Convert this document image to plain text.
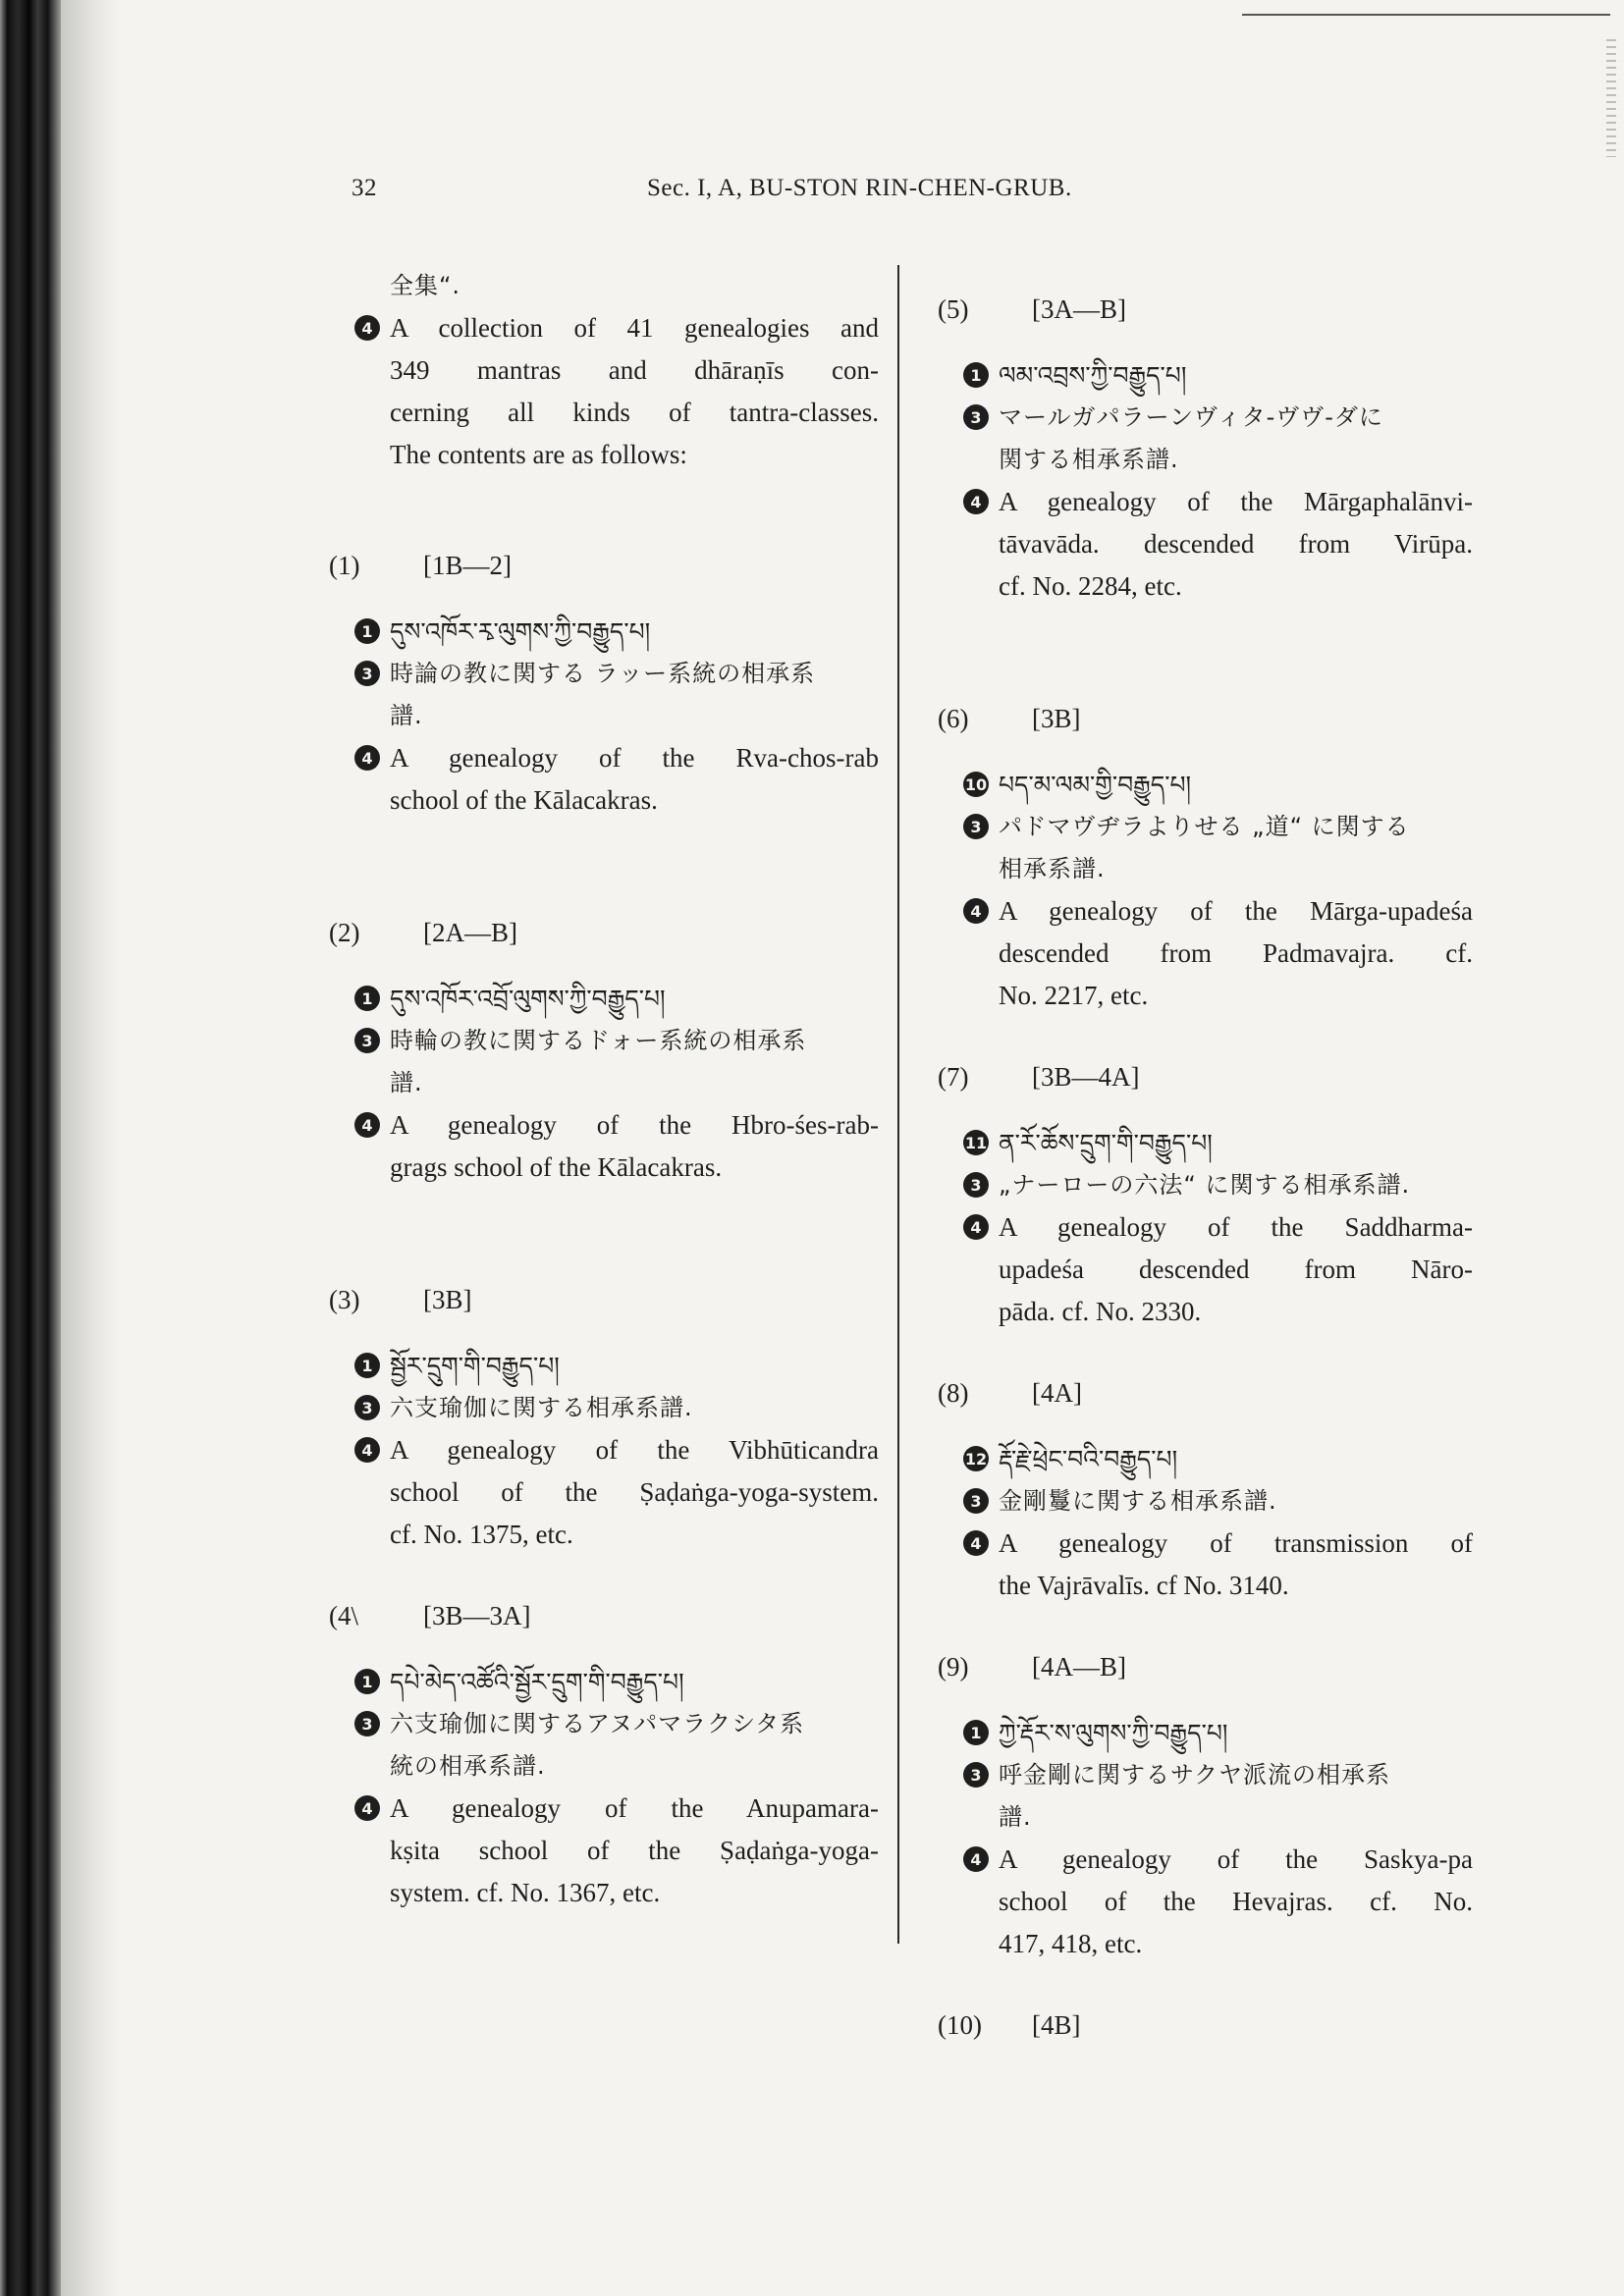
32	Sec. I, A, BU-STON RIN-CHEN-GRUB.
全集“.
4 A collection of 41 genealogies and
349 mantras and dhāraṇīs con-
cerning all kinds of tantra-classes.
The contents are as follows:
(1)	[1B—2]
1 དུས་འཁོར་རྭ་ལུགས་ཀྱི་བརྒྱུད་པ།
3 時論の教に関する ラッー系統の相承系
譜.
4 A genealogy of the Rva-chos-rab
school of the Kālacakras.
(2)	[2A—B]
1 དུས་འཁོར་འབྲོ་ལུགས་ཀྱི་བརྒྱུད་པ།
3 時輪の教に関するドォー系統の相承系
譜.
4 A genealogy of the Hbro-śes-rab-
grags school of the Kālacakras.
(3)	[3B]
1 སྦྱོར་དྲུག་གི་བརྒྱུད་པ།
3 六支瑜伽に関する相承系譜.
4 A genealogy of the Vibhūticandra
school of the Ṣaḍaṅga-yoga-system.
cf. No. 1375, etc.
(4\	[3B—3A]
1 དཔེ་མེད་འཚོའི་སྦྱོར་དྲུག་གི་བརྒྱུད་པ།
3 六支瑜伽に関するアヌパマラクシタ系
統の相承系譜.
4 A genealogy of the Anupamara-
kṣita school of the Ṣaḍaṅga-yoga-
system. cf. No. 1367, etc.
(5)	[3A—B]
1 ལམ་འབྲས་ཀྱི་བརྒྱུད་པ།
3 マールガパラーンヴィタ-ヴヴ-ダに
関する相承系譜.
4 A genealogy of the Mārgaphalānvi-
tāvavāda. descended from Virūpa.
cf. No. 2284, etc.
(6)	[3B]
10 པད་མ་ལམ་གྱི་བརྒྱུད་པ།
3 パドマヴヂラよりせる „道“ に関する
相承系譜.
4 A genealogy of the Mārga-upadeśa
descended from Padmavajra. cf.
No. 2217, etc.
(7)	[3B—4A]
11 ན་རོ་ཆོས་དྲུག་གི་བརྒྱུད་པ།
3 „ナーローの六法“ に関する相承系譜.
4 A genealogy of the Saddharma-
upadeśa descended from Nāro-
pāda. cf. No. 2330.
(8)	[4A]
12 རྡོ་རྗེ་ཕྲེང་བའི་བརྒྱུད་པ།
3 金剛鬘に関する相承系譜.
4 A genealogy of transmission of
the Vajrāvalīs. cf No. 3140.
(9)	[4A—B]
1 ཀྱེ་རྡོར་ས་ལུགས་ཀྱི་བརྒྱུད་པ།
3 呼金剛に関するサクヤ派流の相承系
譜.
4 A genealogy of the Saskya-pa
school of the Hevajras. cf. No.
417, 418, etc.
(10)	[4B]
